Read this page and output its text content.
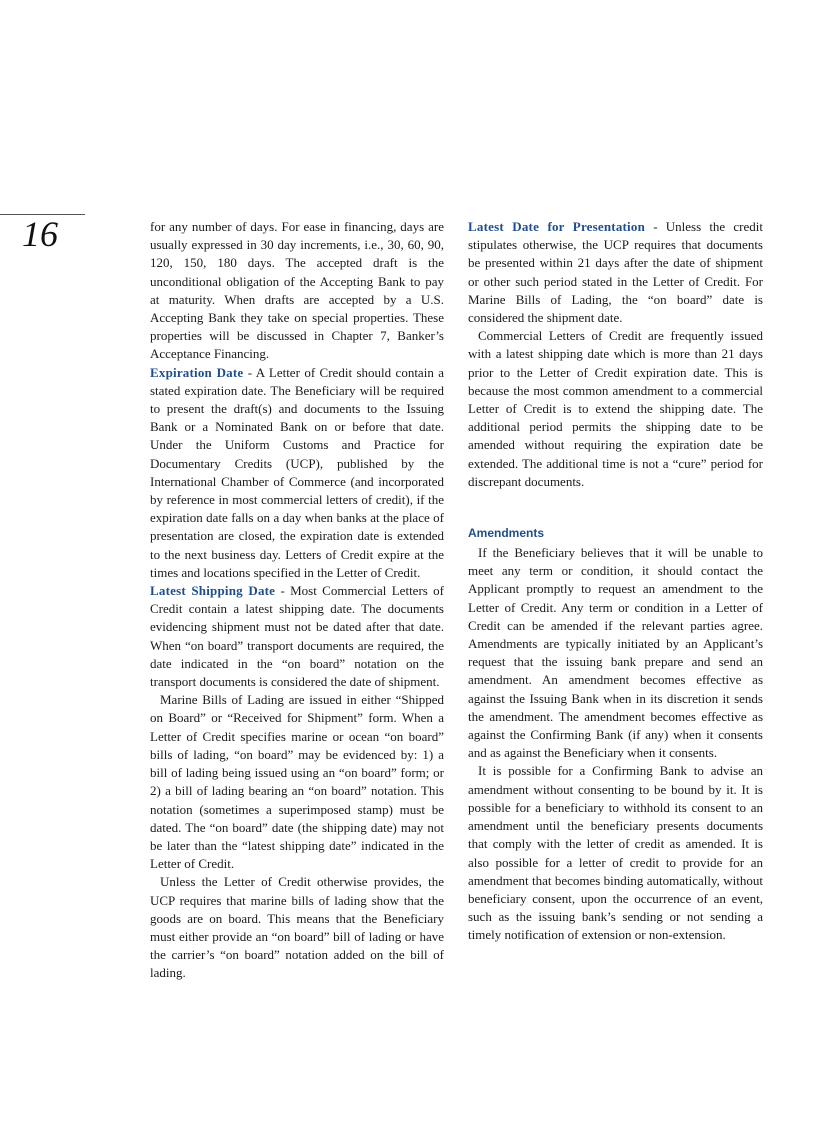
16	for any number of days. For ease in financing, days are usually expressed in 30 day increments, i.e., 30, 60, 90, 120, 150, 180 days. The accepted draft is the unconditional obligation of the Accepting Bank to pay at maturity. When drafts are accepted by a U.S. Accepting Bank they take on special properties. These properties will be discussed in Chapter 7, Banker’s Acceptance Financing.

Expiration Date - A Letter of Credit should contain a stated expiration date. The Beneficiary will be required to present the draft(s) and documents to the Issuing Bank or a Nominated Bank on or before that date. Under the Uniform Customs and Practice for Documentary Credits (UCP), published by the International Chamber of Commerce (and incorporated by reference in most commercial letters of credit), if the expiration date falls on a day when banks at the place of presentation are closed, the expiration date is extended to the next business day. Letters of Credit expire at the times and locations specified in the Letter of Credit.

Latest Shipping Date - Most Commercial Letters of Credit contain a latest shipping date. The documents evidencing shipment must not be dated after that date. When “on board” transport documents are required, the date indicated in the “on board” notation on the transport documents is considered the date of shipment.

Marine Bills of Lading are issued in either “Shipped on Board” or “Received for Shipment” form. When a Letter of Credit specifies marine or ocean “on board” bills of lading, “on board” may be evidenced by: 1) a bill of lading being issued using an “on board” form; or 2) a bill of lading bearing an “on board” notation. This notation (sometimes a superimposed stamp) must be dated. The “on board” date (the shipping date) may not be later than the “latest shipping date” indicated in the Letter of Credit.

Unless the Letter of Credit otherwise provides, the UCP requires that marine bills of lading show that the goods are on board. This means that the Beneficiary must either provide an “on board” bill of lading or have the carrier’s “on board” notation added on the bill of lading.

Latest Date for Presentation - Unless the credit stipulates otherwise, the UCP requires that documents be presented within 21 days after the date of shipment or other such period stated in the Letter of Credit. For Marine Bills of Lading, the “on board” date is considered the shipment date.

Commercial Letters of Credit are frequently issued with a latest shipping date which is more than 21 days prior to the Letter of Credit expiration date. This is because the most common amendment to a commercial Letter of Credit is to extend the shipping date. The additional period permits the shipping date to be amended without requiring the expiration date be extended. The additional time is not a “cure” period for discrepant documents.

Amendments

If the Beneficiary believes that it will be unable to meet any term or condition, it should contact the Applicant promptly to request an amendment to the Letter of Credit. Any term or condition in a Letter of Credit can be amended if the relevant parties agree. Amendments are typically initiated by an Applicant’s request that the issuing bank prepare and send an amendment. An amendment becomes effective as against the Issuing Bank when in its discretion it sends the amendment. The amendment becomes effective as against the Confirming Bank (if any) when it consents and as against the Beneficiary when it consents.

It is possible for a Confirming Bank to advise an amendment without consenting to be bound by it. It is possible for a beneficiary to withhold its consent to an amendment until the beneficiary presents documents that comply with the letter of credit as amended. It is also possible for a letter of credit to provide for an amendment that becomes binding automatically, without beneficiary consent, upon the occurrence of an event, such as the issuing bank’s sending or not sending a timely notification of extension or non-extension.
